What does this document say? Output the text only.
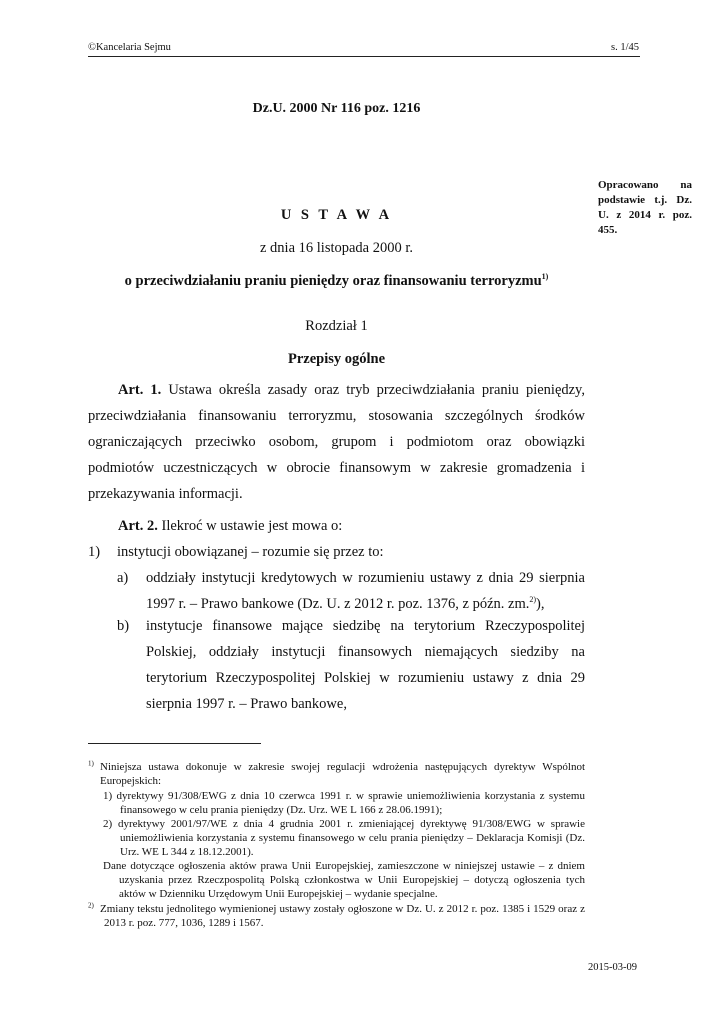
©Kancelaria Sejmu	s. 1/45
Dz.U. 2000 Nr 116 poz. 1216
Opracowano na podstawie t.j. Dz. U. z 2014 r. poz. 455.
U S T A W A
z dnia 16 listopada 2000 r.
o przeciwdziałaniu praniu pieniędzy oraz finansowaniu terroryzmu$^{1)}$
Rozdział 1
Przepisy ogólne
Art. 1. Ustawa określa zasady oraz tryb przeciwdziałania praniu pieniędzy, przeciwdziałania finansowaniu terroryzmu, stosowania szczególnych środków ograniczających przeciwko osobom, grupom i podmiotom oraz obowiązki podmiotów uczestniczących w obrocie finansowym w zakresie gromadzenia i przekazywania informacji.
Art. 2. Ilekroć w ustawie jest mowa o:
1) instytucji obowiązanej – rozumie się przez to:
a) oddziały instytucji kredytowych w rozumieniu ustawy z dnia 29 sierpnia 1997 r. – Prawo bankowe (Dz. U. z 2012 r. poz. 1376, z późn. zm.$^{2)}$),
b) instytucje finansowe mające siedzibę na terytorium Rzeczypospolitej Polskiej, oddziały instytucji finansowych niemających siedziby na terytorium Rzeczypospolitej Polskiej w rozumieniu ustawy z dnia 29 sierpnia 1997 r. – Prawo bankowe,
$^{1)}$ Niniejsza ustawa dokonuje w zakresie swojej regulacji wdrożenia następujących dyrektyw Wspólnot Europejskich:
1) dyrektywy 91/308/EWG z dnia 10 czerwca 1991 r. w sprawie uniemożliwienia korzystania z systemu finansowego w celu prania pieniędzy (Dz. Urz. WE L 166 z 28.06.1991);
2) dyrektywy 2001/97/WE z dnia 4 grudnia 2001 r. zmieniającej dyrektywę 91/308/EWG w sprawie uniemożliwienia korzystania z systemu finansowego w celu prania pieniędzy – Deklaracja Komisji (Dz. Urz. WE L 344 z 18.12.2001).
Dane dotyczące ogłoszenia aktów prawa Unii Europejskiej, zamieszczone w niniejszej ustawie – z dniem uzyskania przez Rzeczpospolitą Polską członkostwa w Unii Europejskiej – dotyczą ogłoszenia tych aktów w Dzienniku Urzędowym Unii Europejskiej – wydanie specjalne.
$^{2)}$ Zmiany tekstu jednolitego wymienionej ustawy zostały ogłoszone w Dz. U. z 2012 r. poz. 1385 i 1529 oraz z 2013 r. poz. 777, 1036, 1289 i 1567.
2015-03-09
